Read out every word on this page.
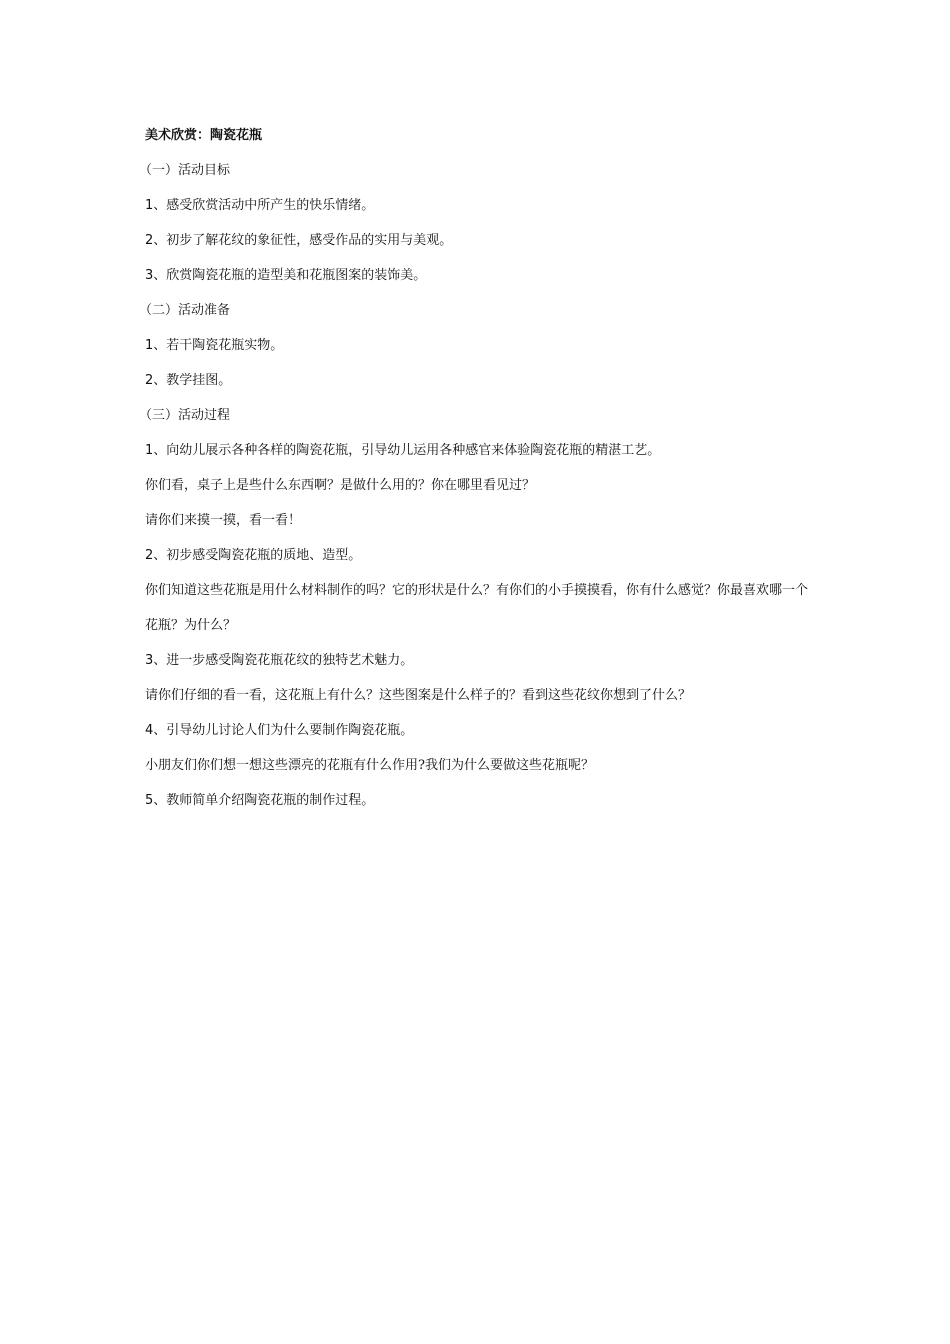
美术欣赏：陶瓷花瓶

（一）活动目标

1、感受欣赏活动中所产生的快乐情绪。

2、初步了解花纹的象征性，感受作品的实用与美观。

3、欣赏陶瓷花瓶的造型美和花瓶图案的装饰美。

（二）活动准备

1、若干陶瓷花瓶实物。

2、教学挂图。

（三）活动过程

1、向幼儿展示各种各样的陶瓷花瓶，引导幼儿运用各种感官来体验陶瓷花瓶的精湛工艺。

你们看，桌子上是些什么东西啊？是做什么用的？你在哪里看见过？

请你们来摸一摸，看一看！

2、初步感受陶瓷花瓶的质地、造型。

你们知道这些花瓶是用什么材料制作的吗？它的形状是什么？有你们的小手摸摸看，你有什么感觉？你最喜欢哪一个花瓶？为什么？

3、进一步感受陶瓷花瓶花纹的独特艺术魅力。

请你们仔细的看一看，这花瓶上有什么？这些图案是什么样子的？看到这些花纹你想到了什么？

4、引导幼儿讨论人们为什么要制作陶瓷花瓶。

小朋友们你们想一想这些漂亮的花瓶有什么作用?我们为什么要做这些花瓶呢？

5、教师简单介绍陶瓷花瓶的制作过程。
